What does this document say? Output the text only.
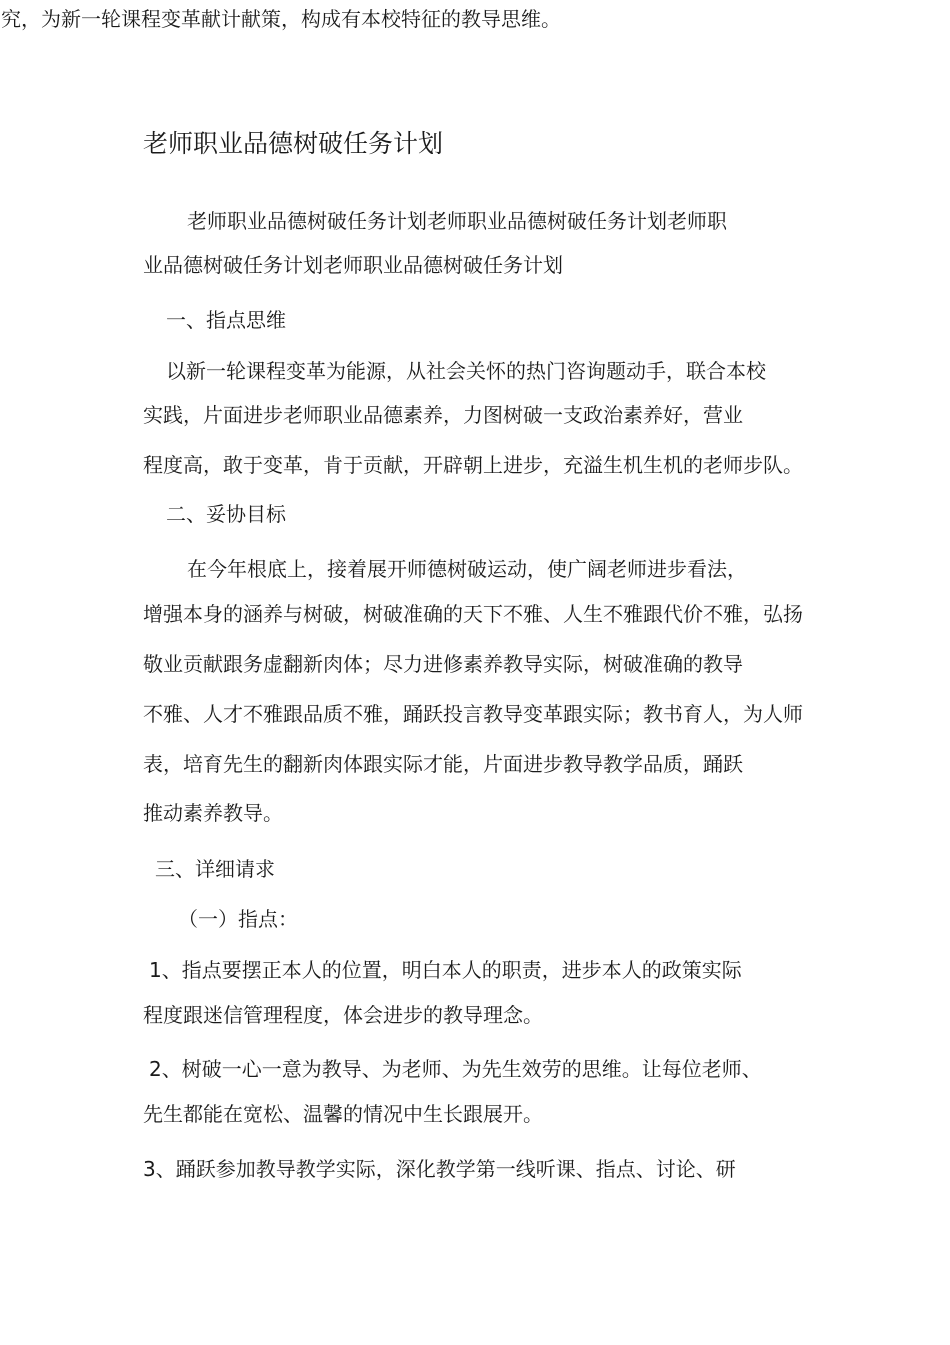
究，为新一轮课程变革献计献策，构成有本校特征的教导思维。

老师职业品德树破任务计划

老师职业品德树破任务计划老师职业品德树破任务计划老师职

业品德树破任务计划老师职业品德树破任务计划

一、指点思维

以新一轮课程变革为能源，从社会关怀的热门咨询题动手，联合本校

实践，片面进步老师职业品德素养，力图树破一支政治素养好，营业

程度高，敢于变革，肯于贡献，开辟朝上进步，充溢生机生机的老师步队。

二、妥协目标

在今年根底上，接着展开师德树破运动，使广阔老师进步看法，

增强本身的涵养与树破，树破准确的天下不雅、人生不雅跟代价不雅，弘扬

敬业贡献跟务虚翻新肉体；尽力进修素养教导实际，树破准确的教导

不雅、人才不雅跟品质不雅，踊跃投言教导变革跟实际；教书育人，为人师

表，培育先生的翻新肉体跟实际才能，片面进步教导教学品质，踊跃

推动素养教导。

三、详细请求
（一）指点：

1、指点要摆正本人的位置，明白本人的职责，进步本人的政策实际

程度跟迷信管理程度，体会进步的教导理念。

2、树破一心一意为教导、为老师、为先生效劳的思维。让每位老师、

先生都能在宽松、温馨的情况中生长跟展开。

3、踊跃参加教导教学实际，深化教学第一线听课、指点、讨论、研
